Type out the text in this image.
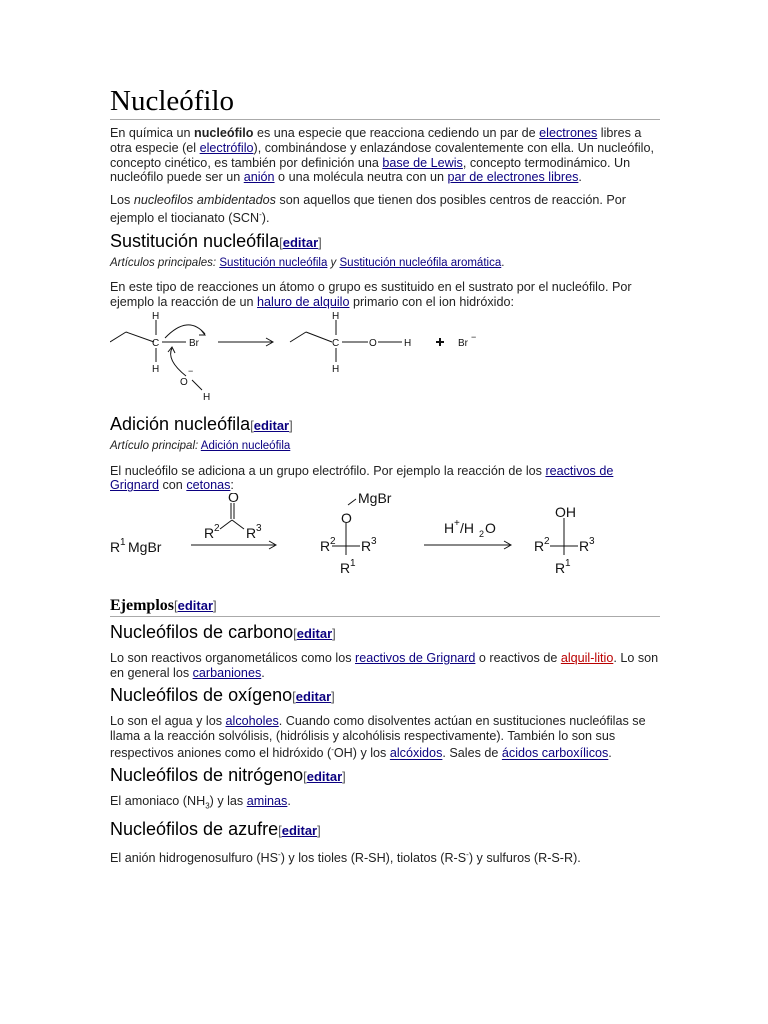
Nucleófilo

En química un nucleófilo es una especie que reacciona cediendo un par de electrones libres a otra especie (el electrófilo), combinándose y enlazándose covalentemente con ella. Un nucleófilo, concepto cinético, es también por definición una base de Lewis, concepto termodinámico. Un nucleófilo puede ser un anión o una molécula neutra con un par de electrones libres.

Los nucleofilos ambidentados son aquellos que tienen dos posibles centros de reacción. Por ejemplo el tiocianato (SCN-).

Sustitución nucleófila[editar]

Artículos principales: Sustitución nucleófila y Sustitución nucleófila aromática.

En este tipo de reacciones un átomo o grupo es sustituido en el sustrato por el nucleófilo. Por ejemplo la reacción de un haluro de alquilo primario con el ion hidróxido:

H
C
H
Br
O
−
H
H
C
H
O	H	Br
−
Adición nucleófila[editar]

Artículo principal: Adición nucleófila

El nucleófilo se adiciona a un grupo electrófilo. Por ejemplo la reacción de los reactivos de Grignard con cetonas:

R 1 MgBr
O
R 2 R 3
MgBr
O
R 2 R 3
R 1
H + /H 2 O
OH
R 2 R 3
R 1
Ejemplos[editar]
Nucleófilos de carbono[editar]

Lo son reactivos organometálicos como los reactivos de Grignard o reactivos de alquil-litio. Lo son en general los carbaniones.

Nucleófilos de oxígeno[editar]

Lo son el agua y los alcoholes. Cuando como disolventes actúan en sustituciones nucleófilas se llama a la reacción solvólisis, (hidrólisis y alcohólisis respectivamente). También lo son sus respectivos aniones como el hidróxido (-OH) y los alcóxidos. Sales de ácidos carboxílicos.

Nucleófilos de nitrógeno[editar]

El amoniaco $(NH_3)$ y las aminas.

Nucleófilos de azufre[editar]

El anión hidrogenosulfuro (HS-) y los tioles (R-SH), tiolatos (R-S-) y sulfuros (R-S-R).
